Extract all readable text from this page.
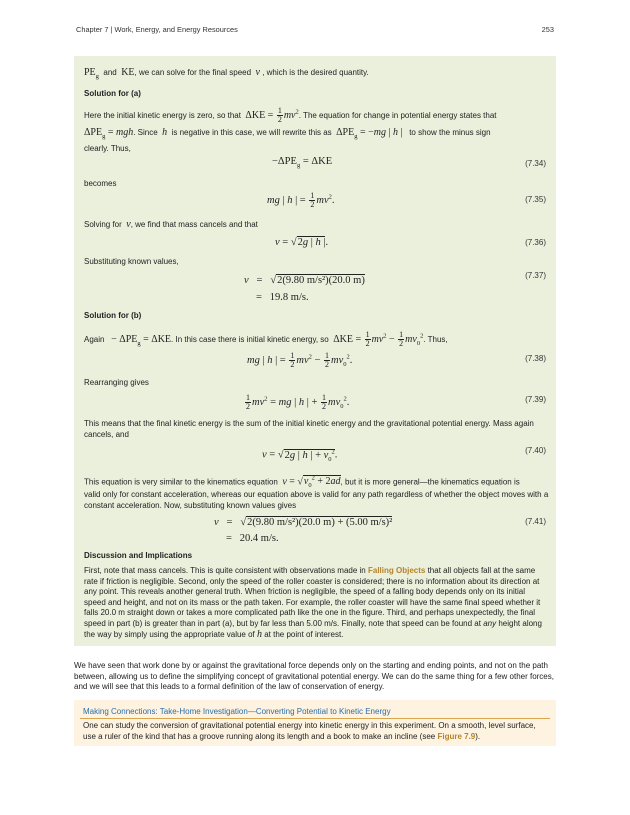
Chapter 7 | Work, Energy, and Energy Resources	253
$PE_g$ and KE, we can solve for the final speed v , which is the desired quantity.
Solution for (a)
Here the initial kinetic energy is zero, so that $\Delta KE = \frac{1}{2} mv^2$. The equation for change in potential energy states that
$\Delta PE_g$ = mgh. Since h is negative in this case, we will rewrite this as $\Delta PE_g = -mg$ | h | to show the minus sign
clearly. Thus,
$-\Delta PE_g = \Delta KE$	(7.34)
becomes
mg | h | = $\frac{1}{2} mv^2$.	(7.35)
Solving for v, we find that mass cancels and that
v = √2g | h |.	(7.36)
Substituting known values,
v   =   √2(9.80 m/s²)(20.0 m)
=   19.8 m/s.
(7.37)
Solution for (b)
Again − $\Delta PE_g = \Delta KE$. In this case there is initial kinetic energy, so $\Delta KE = \frac{1}{2} mv^2 - \frac{1}{2} mv_0^2$. Thus,
mg | h | = $\frac{1}{2} mv^2 - \frac{1}{2} mv_0^2$.	(7.38)
Rearranging gives
$\frac{1}{2} mv^2$ = mg | h | + $\frac{1}{2} mv_0^2$.	(7.39)
This means that the final kinetic energy is the sum of the initial kinetic energy and the gravitational potential energy. Mass again cancels, and
v = √2g | h | + $v_0^2$.	(7.40)
This equation is very similar to the kinematics equation $v = √v_0^2 + 2ad$, but it is more general—the kinematics equation is
valid only for constant acceleration, whereas our equation above is valid for any path regardless of whether the object moves with a constant acceleration. Now, substituting known values gives
v   =   √2(9.80 m/s²)(20.0 m) + (5.00 m/s)²
=   20.4 m/s.
(7.41)
Discussion and Implications
First, note that mass cancels. This is quite consistent with observations made in Falling Objects that all objects fall at the same rate if friction is negligible. Second, only the speed of the roller coaster is considered; there is no information about its direction at any point. This reveals another general truth. When friction is negligible, the speed of a falling body depends only on its initial speed and height, and not on its mass or the path taken. For example, the roller coaster will have the same final speed whether it falls 20.0 m straight down or takes a more complicated path like the one in the figure. Third, and perhaps unexpectedly, the final speed in part (b) is greater than in part (a), but by far less than 5.00 m/s. Finally, note that speed can be found at any height along the way by simply using the appropriate value of h at the point of interest.
We have seen that work done by or against the gravitational force depends only on the starting and ending points, and not on the path between, allowing us to define the simplifying concept of gravitational potential energy. We can do the same thing for a few other forces, and we will see that this leads to a formal definition of the law of conservation of energy.
Making Connections: Take-Home Investigation—Converting Potential to Kinetic Energy
One can study the conversion of gravitational potential energy into kinetic energy in this experiment. On a smooth, level surface, use a ruler of the kind that has a groove running along its length and a book to make an incline (see Figure 7.9).
